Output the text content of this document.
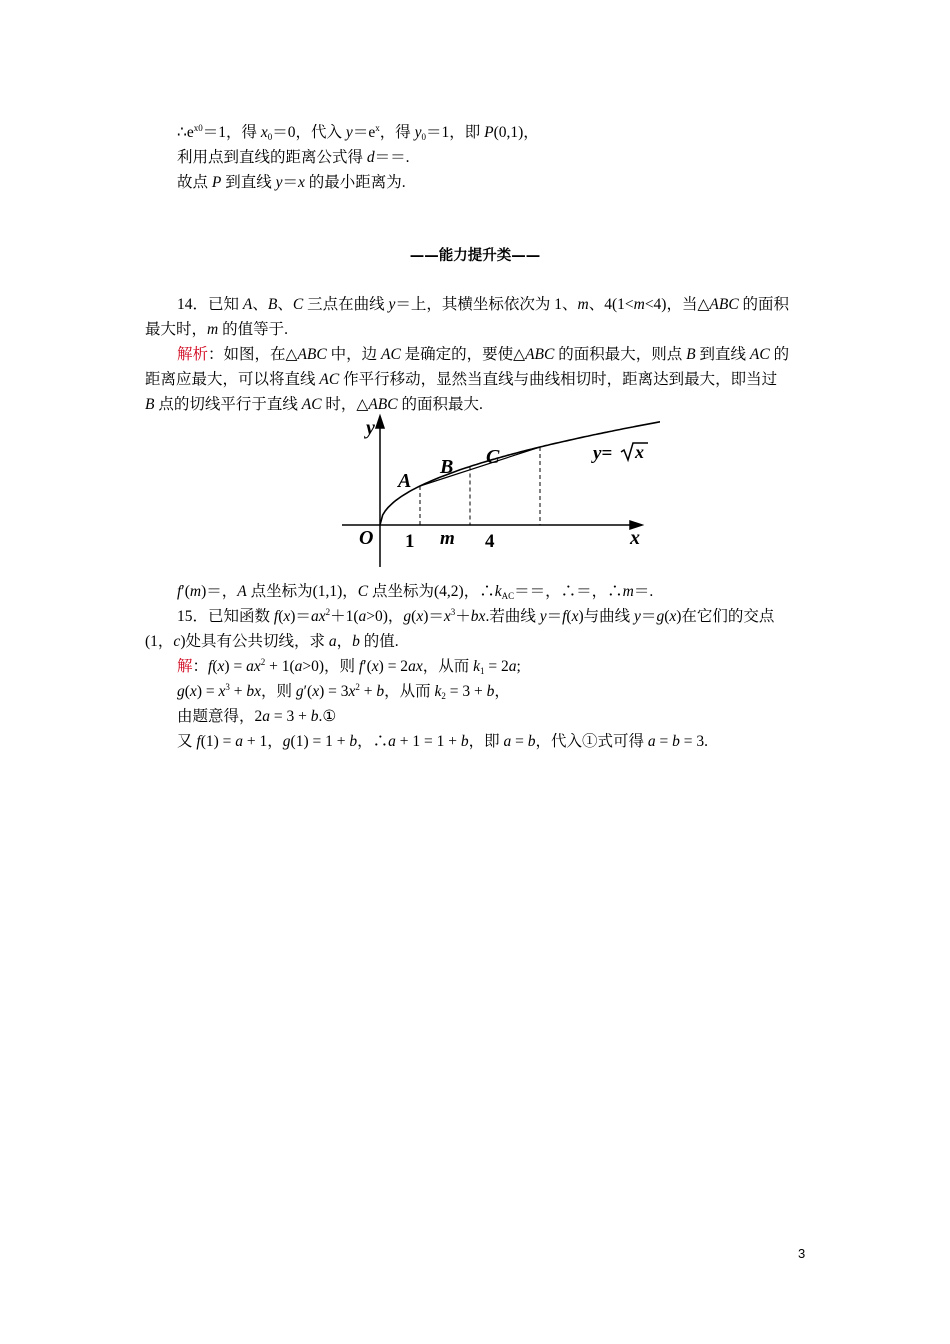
$\therefore e^{x0}=1$，得 $x_0=0$，代入 $y=e^x$，得 $y_0=1$，即 P(0,1)，
利用点到直线的距离公式得 d＝＝.
故点 P 到直线 y＝x 的最小距离为.
——能力提升类——
14．已知 A、B、C 三点在曲线 y＝上，其横坐标依次为 1、m、4(1<m<4)，当△ABC 的面积
最大时，m 的值等于.
解析：如图，在△ABC 中，边 AC 是确定的，要使△ABC 的面积最大，则点 B 到直线 AC 的
距离应最大，可以将直线 AC 作平行移动，显然当直线与曲线相切时，距离达到最大，即当过
B 点的切线平行于直线 AC 时，△ABC 的面积最大.
y
x
O
A
B C
1 m 4
y= x
f′(m)＝，A 点坐标为(1,1)，C 点坐标为(4,2)，$\therefore k_{AC}==$，∴＝，∴m＝.
15．已知函数 $f(x)=ax^2+1(a>0)$，$g(x)=x^3+bx$.若曲线 y＝f(x)与曲线 y＝g(x)在它们的交点
(1，c)处具有公共切线，求 a，b 的值.
解：$f(x) = ax^2 + 1(a>0)$，则 f′(x) = 2ax，从而 $k_1 = 2a$;
$g(x) = x^3$ + bx，则 $g'(x) = 3x^2 + b$，从而 $k_2 = 3 + b$，
由题意得，2a = 3 + b.①
又 f(1) = a + 1，g(1) = 1 + b，∴a + 1 = 1 + b，即 a = b，代入①式可得 a = b = 3.
3
